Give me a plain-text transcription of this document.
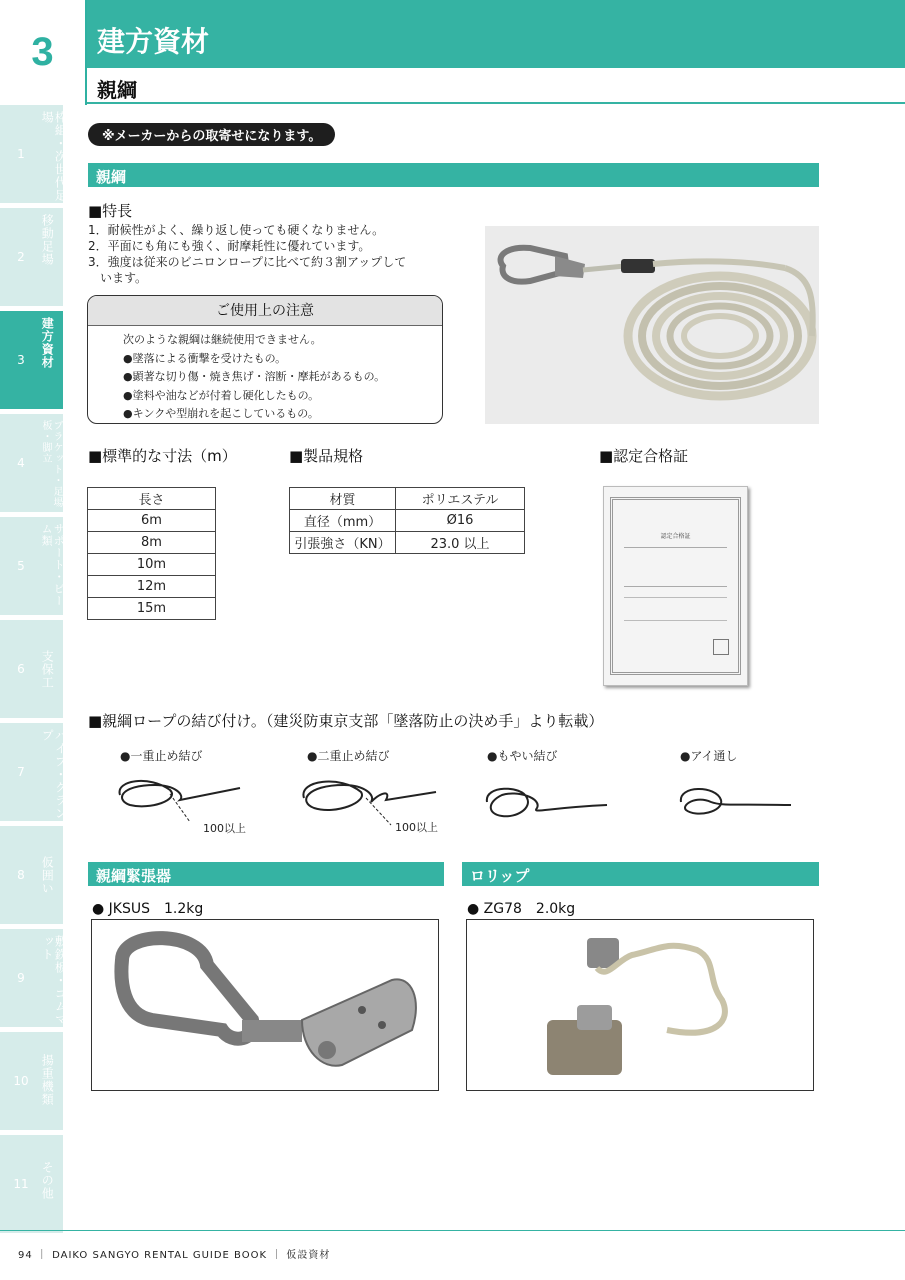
3	建方資材
親綱
1	枠組・次世代足場
2	移動足場
3	建方資材
4	ブラケット・足場板・脚立
5	サポート・ビーム類
6	支保工
7	パイプ・クランプ
8	仮囲い
9	敷鉄板・ゴムマット
10 揚重機類
11 その他
※メーカーからの取寄せになります。
親綱
■特長
1．耐候性がよく、繰り返し使っても硬くなりません。
2．平面にも角にも強く、耐摩耗性に優れています。
3．強度は従来のビニロンロープに比べて約３割アップして
　います。
ご使用上の注意
次のような親綱は継続使用できません。
●墜落による衝撃を受けたもの。
●顕著な切り傷・焼き焦げ・溶断・摩耗があるもの。
●塗料や油などが付着し硬化したもの。
●キンクや型崩れを起こしているもの。
■標準的な寸法（m）	■製品規格	■認定合格証
長さ
6m
8m
10m
12m
15m
材質	ポリエステル
直径（mm）	Ø16
引張強さ（KN）	23.0 以上
認定合格証
■親綱ロープの結び付け。（建災防東京支部「墜落防止の決め手」より転載）
●一重止め結び	●二重止め結び	●もやい結び	●アイ通し
100以上	100以上
親綱緊張器	ロリップ
● JKSUS　1.2kg	● ZG78　2.0kg
94 ｜ DAIKO SANGYO RENTAL GUIDE BOOK ｜ 仮設資材
